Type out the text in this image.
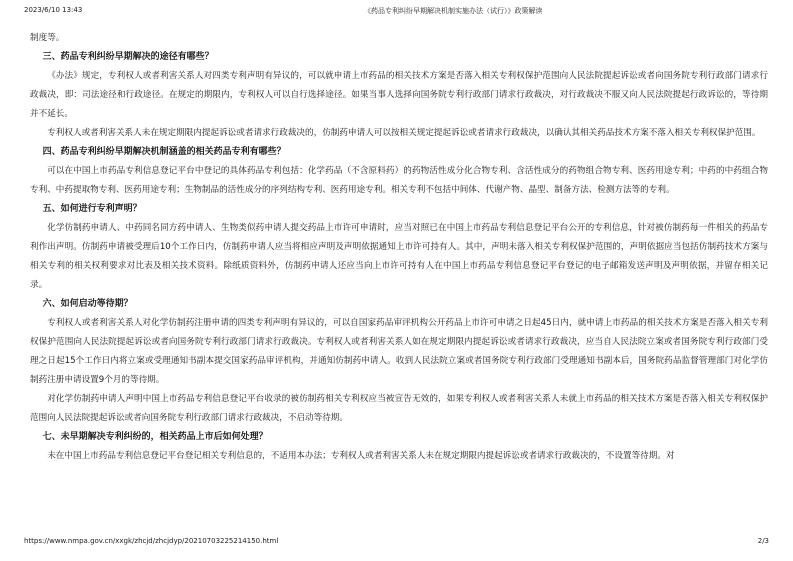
2023/6/10 13:43	《药品专利纠纷早期解决机制实施办法（试行）》政策解读

制度等。

三、药品专利纠纷早期解决的途径有哪些？

《办法》规定，专利权人或者利害关系人对四类专利声明有异议的，可以就申请上市药品的相关技术方案是否落入相关专利权保护范围向人民法院提起诉讼或者向国务院专利行政部门请求行政裁决，即：司法途径和行政途径。在规定的期限内，专利权人可以自行选择途径。如果当事人选择向国务院专利行政部门请求行政裁决，对行政裁决不服又向人民法院提起行政诉讼的，等待期并不延长。

专利权人或者利害关系人未在规定期限内提起诉讼或者请求行政裁决的，仿制药申请人可以按相关规定提起诉讼或者请求行政裁决，以确认其相关药品技术方案不落入相关专利权保护范围。

四、药品专利纠纷早期解决机制涵盖的相关药品专利有哪些？

可以在中国上市药品专利信息登记平台中登记的具体药品专利包括：化学药品（不含原料药）的药物活性成分化合物专利、含活性成分的药物组合物专利、医药用途专利；中药的中药组合物专利、中药提取物专利、医药用途专利；生物制品的活性成分的序列结构专利、医药用途专利。相关专利不包括中间体、代谢产物、晶型、制备方法、检测方法等的专利。

五、如何进行专利声明？

化学仿制药申请人、中药同名同方药申请人、生物类似药申请人提交药品上市许可申请时，应当对照已在中国上市药品专利信息登记平台公开的专利信息，针对被仿制药每一件相关的药品专利作出声明。仿制药申请被受理后10个工作日内，仿制药申请人应当将相应声明及声明依据通知上市许可持有人。其中，声明未落入相关专利权保护范围的，声明依据应当包括仿制药技术方案与相关专利的相关权利要求对比表及相关技术资料。除纸质资料外，仿制药申请人还应当向上市许可持有人在中国上市药品专利信息登记平台登记的电子邮箱发送声明及声明依据，并留存相关记录。

六、如何启动等待期？

专利权人或者利害关系人对化学仿制药注册申请的四类专利声明有异议的，可以自国家药品审评机构公开药品上市许可申请之日起45日内，就申请上市药品的相关技术方案是否落入相关专利权保护范围向人民法院提起诉讼或者向国务院专利行政部门请求行政裁决。专利权人或者利害关系人如在规定期限内提起诉讼或者请求行政裁决，应当自人民法院立案或者国务院专利行政部门受理之日起15个工作日内将立案或受理通知书副本提交国家药品审评机构，并通知仿制药申请人。收到人民法院立案或者国务院专利行政部门受理通知书副本后，国务院药品监督管理部门对化学仿制药注册申请设置9个月的等待期。

对化学仿制药申请人声明中国上市药品专利信息登记平台收录的被仿制药相关专利权应当被宣告无效的，如果专利权人或者利害关系人未就上市药品的相关技术方案是否落入相关专利权保护范围向人民法院提起诉讼或者向国务院专利行政部门请求行政裁决，不启动等待期。

七、未早期解决专利纠纷的，相关药品上市后如何处理？

未在中国上市药品专利信息登记平台登记相关专利信息的，不适用本办法；专利权人或者利害关系人未在规定期限内提起诉讼或者请求行政裁决的，不设置等待期。对

https://www.nmpa.gov.cn/xxgk/zhcjd/zhcjdyp/20210703225214150.html	2/3
